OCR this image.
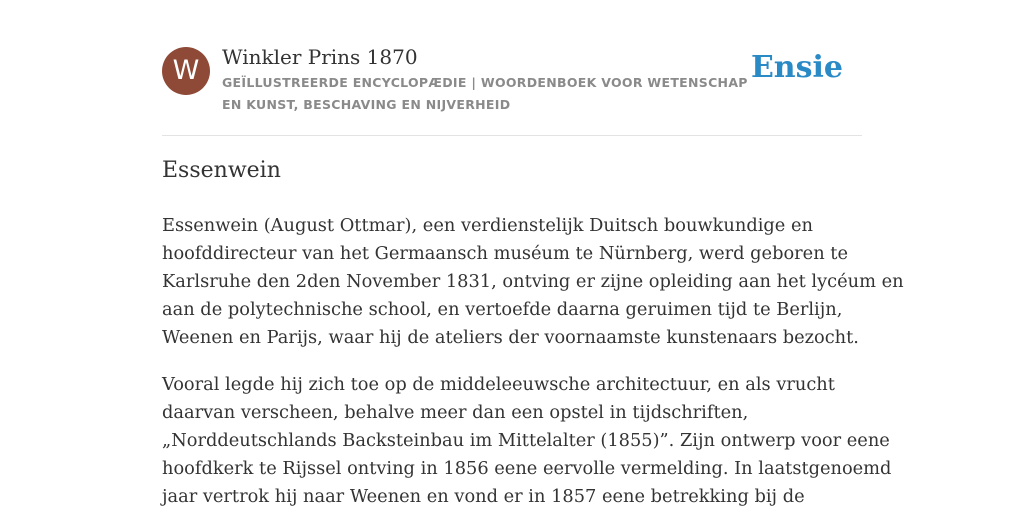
W	Winkler Prins 1870
GEÏLLUSTREERDE ENCYCLOPÆDIE | WOORDENBOEK VOOR WETENSCHAP EN KUNST, BESCHAVING EN NIJVERHEID
Ensie
Essenwein

Essenwein (August Ottmar), een verdienstelijk Duitsch bouwkundige en
hoofddirecteur van het Germaansch muséum te Nürnberg, werd geboren te
Karlsruhe den 2den November 1831, ontving er zijne opleiding aan het lycéum en
aan de polytechnische school, en vertoefde daarna geruimen tijd te Berlijn,
Weenen en Parijs, waar hij de ateliers der voornaamste kunstenaars bezocht.

Vooral legde hij zich toe op de middeleeuwsche architectuur, en als vrucht
daarvan verscheen, behalve meer dan een opstel in tijdschriften,
„Norddeutschlands Backsteinbau im Mittelalter (1855)”. Zijn ontwerp voor eene
hoofdkerk te Rijssel ontving in 1856 eene eervolle vermelding. In laatstgenoemd
jaar vertrok hij naar Weenen en vond er in 1857 eene betrekking bij de
